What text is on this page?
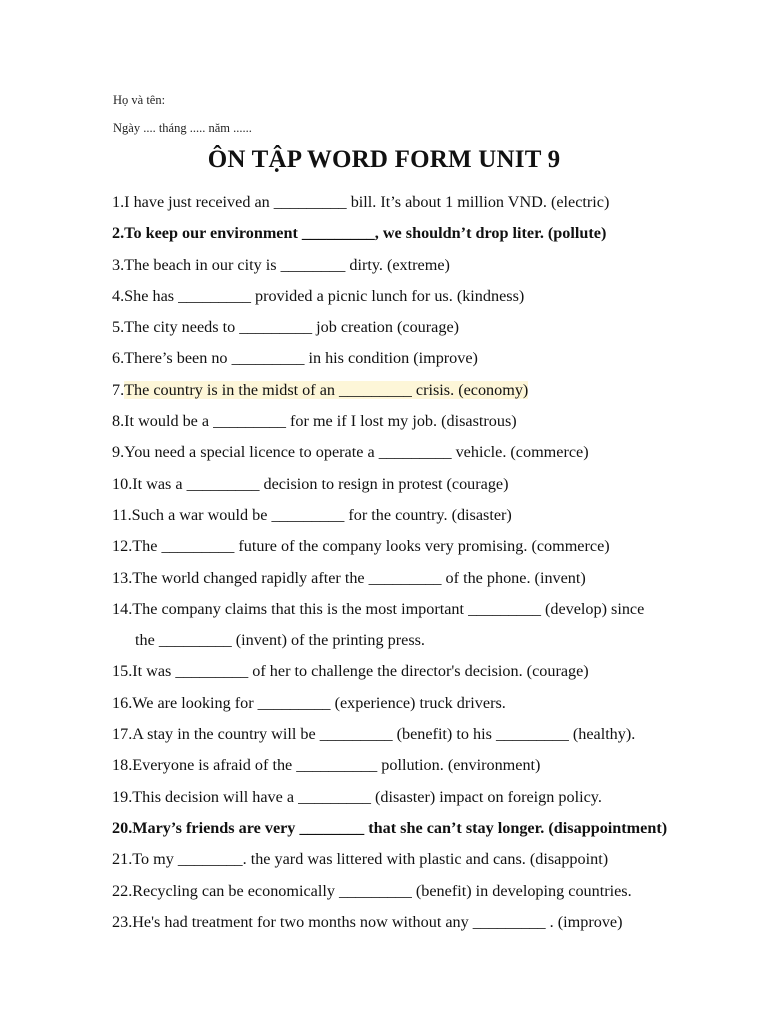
Họ và tên:
Ngày .... tháng ..... năm ......
ÔN TẬP WORD FORM UNIT 9
1.I have just received an _________ bill. It’s about 1 million VND. (electric)
2.To keep our environment _________, we shouldn’t drop liter. (pollute)
3.The beach in our city is ________ dirty. (extreme)
4.She has _________ provided a picnic lunch for us. (kindness)
5.The city needs to _________ job creation (courage)
6.There’s been no _________ in his condition (improve)
7.The country is in the midst of an _________ crisis. (economy)
8.It would be a _________ for me if I lost my job. (disastrous)
9.You need a special licence to operate a _________ vehicle. (commerce)
10.It was a _________ decision to resign in protest (courage)
11.Such a war would be _________ for the country. (disaster)
12.The _________ future of the company looks very promising. (commerce)
13.The world changed rapidly after the _________ of the phone. (invent)
14.The company claims that this is the most important _________ (develop) since
the _________ (invent) of the printing press.
15.It was _________ of her to challenge the director's decision. (courage)
16.We are looking for _________ (experience) truck drivers.
17.A stay in the country will be _________ (benefit) to his _________ (healthy).
18.Everyone is afraid of the __________ pollution. (environment)
19.This decision will have a _________ (disaster) impact on foreign policy.
20.Mary’s friends are very ________ that she can’t stay longer. (disappointment)
21.To my ________. the yard was littered with plastic and cans. (disappoint)
22.Recycling can be economically _________ (benefit) in developing countries.
23.He's had treatment for two months now without any _________ . (improve)
